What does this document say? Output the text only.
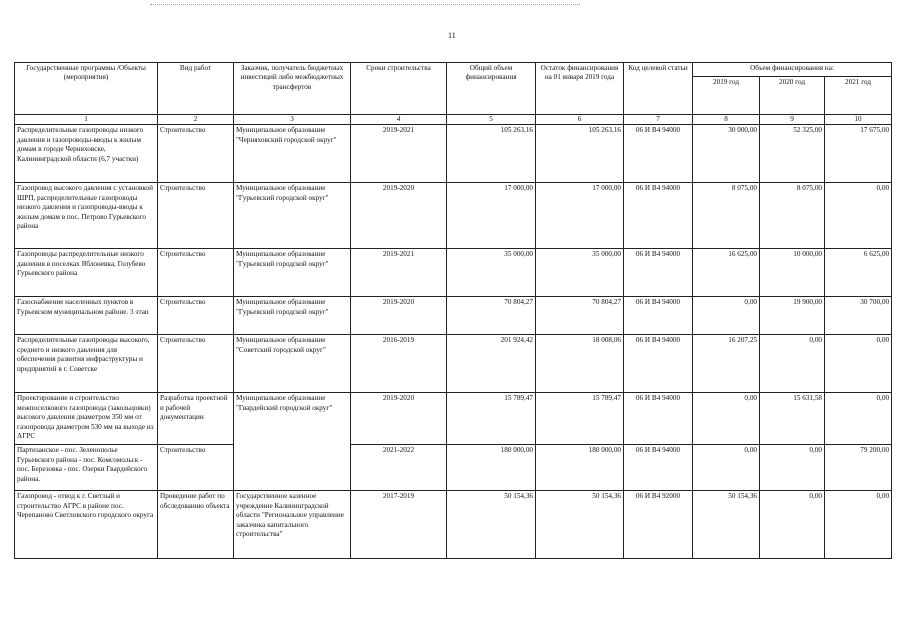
11
Государственные программы /Объекты (мероприятия)	Вид работ	Заказчик, получатель бюджетных инвестиций либо межбюджетных трансфертов	Сроки строительства	Общий объем финансирования	Остаток финансирования на 01 января 2019 года	Код целевой статьи	Объем финансирования на:		
							2019 год	2020 год	2021 год
1	2	3	4	5	6	7	8	9	10
Распределительные газопроводы низкого давления и газопроводы-вводы к жилым домам в городе Черняховске, Калининградской области (6,7 участки)	Строительство	Муниципальное образование "Черняховский городской округ"	2019-2021	105 263,16	105 263,16	06 И В4 94000	30 000,00	52 325,00	17 675,00
Газопровод высокого давления с установкой ШРП, распределительные газопроводы низкого давления и газопроводы-вводы к жилым домам в пос. Петрово Гурьевского района	Строительство	Муниципальное образование "Гурьевский городской округ"	2019-2020	17 000,00	17 000,00	06 И В4 94000	8 075,00	8 075,00	0,00
Газопроводы распределительные низкого давления в поселках Яблоневка, Голубево Гурьевского района	Строительство	Муниципальное образование "Гурьевский городской округ"	2019-2021	35 000,00	35 000,00	06 И В4 94000	16 625,00	10 000,00	6 625,00
Газоснабжение населенных пунктов в Гурьевском муниципальном районе. 3 этап	Строительство	Муниципальное образование "Гурьевский городской округ"	2019-2020	70 804,27	70 804,27	06 И В4 94000	0,00	19 900,00	30 700,00
Распределительные газопроводы высокого, среднего и низкого давления для обеспечения развития инфраструктуры и предприятий в г. Советске	Строительство	Муниципальное образование "Советский городской округ"	2016-2019	201 924,42	18 008,06	06 И В4 94000	16 207,25	0,00	0,00
Проектирование и строительство межпоселкового газопровода (закольцовки) высокого давления диаметром 350 мм от газопровода диаметром 530 мм на выходе из АГРС	Разработка проектной и рабочей документации	Муниципальное образование "Гвардейский городской округ"	2019-2020	15 789,47	15 789,47	06 И В4 94000	0,00	15 631,58	0,00
Партизанское - пос. Зеленополье Гурьевского района - пос. Комсомольск - пос. Березовка - пос. Озерки Гвардейского района.	Строительство		2021-2022	180 000,00	180 000,00	06 И В4 94000	0,00	0,00	79 200,00
Газопровод - отвод к г. Светлый и строительство АГРС в районе пос. Черепаново Светловского городского округа	Проведение работ по обследованию объекта	Государственное казенное учреждение Калининградской области "Региональное управление заказчика капитального строительства"	2017-2019	50 154,36	50 154,36	06 И В4 92000	50 154,36	0,00	0,00
